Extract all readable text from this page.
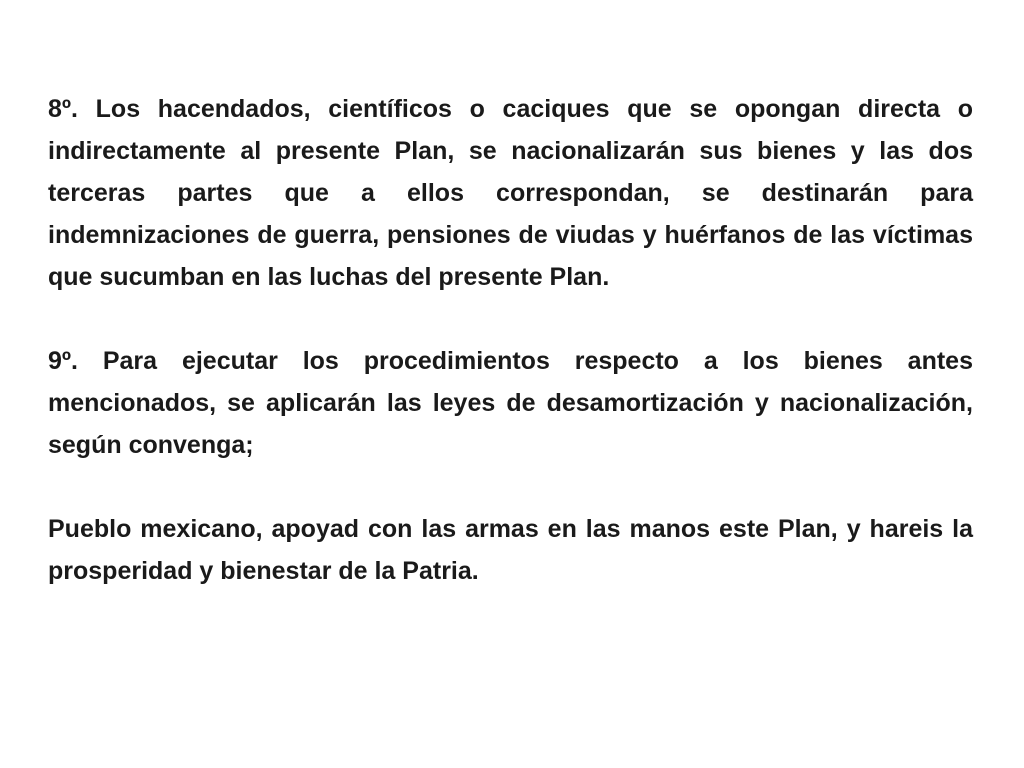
8º. Los hacendados, científicos o caciques que se opongan directa o indirectamente al presente Plan, se nacionalizarán sus bienes y las dos terceras partes que a ellos correspondan, se destinarán para indemnizaciones de guerra, pensiones de viudas y huérfanos de las víctimas que sucumban en las luchas del presente Plan.

9º. Para ejecutar los procedimientos respecto a los bienes antes mencionados, se aplicarán las leyes de desamortización y nacionalización, según convenga;

Pueblo mexicano, apoyad con las armas en las manos este Plan, y hareis la    prosperidad y bienestar de la Patria.
